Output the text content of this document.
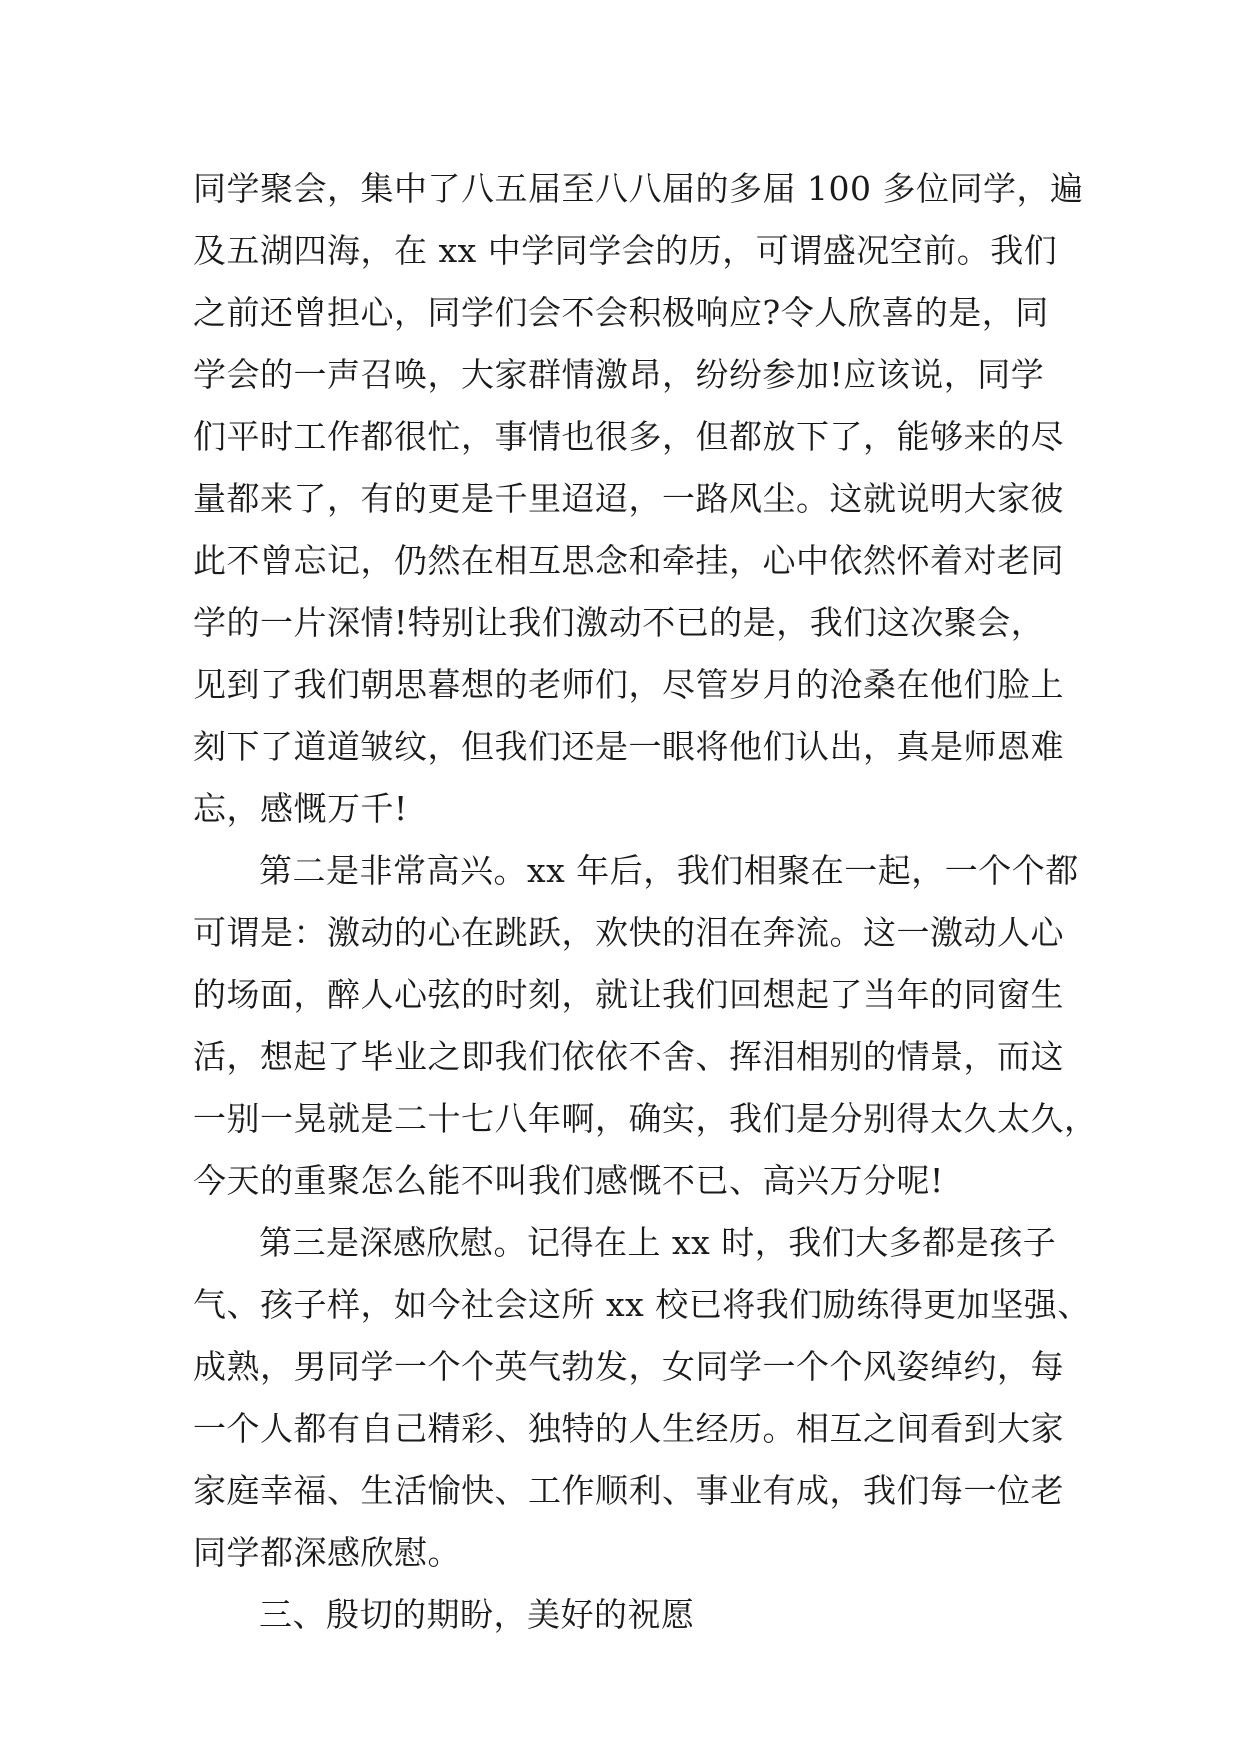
同学聚会，集中了八五届至八八届的多届 100 多位同学，遍
及五湖四海，在 xx 中学同学会的历，可谓盛况空前。我们
之前还曾担心，同学们会不会积极响应?令人欣喜的是，同
学会的一声召唤，大家群情激昂，纷纷参加!应该说，同学
们平时工作都很忙，事情也很多，但都放下了，能够来的尽
量都来了，有的更是千里迢迢，一路风尘。这就说明大家彼
此不曾忘记，仍然在相互思念和牵挂，心中依然怀着对老同
学的一片深情!特别让我们激动不已的是，我们这次聚会，
见到了我们朝思暮想的老师们，尽管岁月的沧桑在他们脸上
刻下了道道皱纹，但我们还是一眼将他们认出，真是师恩难
忘，感慨万千!
第二是非常高兴。xx 年后，我们相聚在一起，一个个都
可谓是：激动的心在跳跃，欢快的泪在奔流。这一激动人心
的场面，醉人心弦的时刻，就让我们回想起了当年的同窗生
活，想起了毕业之即我们依依不舍、挥泪相别的情景，而这
一别一晃就是二十七八年啊，确实，我们是分别得太久太久，
今天的重聚怎么能不叫我们感慨不已、高兴万分呢!
第三是深感欣慰。记得在上 xx 时，我们大多都是孩子
气、孩子样，如今社会这所 xx 校已将我们励练得更加坚强、
成熟，男同学一个个英气勃发，女同学一个个风姿绰约，每
一个人都有自己精彩、独特的人生经历。相互之间看到大家
家庭幸福、生活愉快、工作顺利、事业有成，我们每一位老
同学都深感欣慰。
三、殷切的期盼，美好的祝愿
